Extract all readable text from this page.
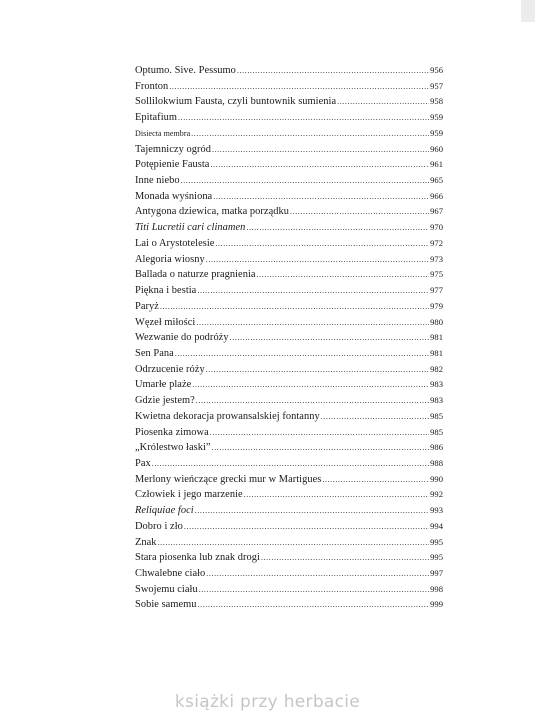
Optumo. Sive. Pessumo .....	956
Fronton .....	957
Sollilokwium Fausta, czyli buntownik sumienia .....	958
Epitafium .....	959
Disiecta membra .....	959
Tajemniczy ogród .....	960
Potępienie Fausta .....	961
Inne niebo .....	965
Monada wyśniona .....	966
Antygona dziewica, matka porządku .....	967
Titi Lucretii cari clinamen .....	970
Lai o Arystotelesie .....	972
Alegoria wiosny .....	973
Ballada o naturze pragnienia .....	975
Piękna i bestia .....	977
Paryż .....	979
Węzeł miłości .....	980
Wezwanie do podróży .....	981
Sen Pana .....	981
Odrzucenie róży .....	982
Umarłe plaże .....	983
Gdzie jestem? .....	983
Kwietna dekoracja prowansalskiej fontanny .....	985
Piosenka zimowa .....	985
„Królestwo łaski” .....	986
Pax .....	988
Merlony wieńczące grecki mur w Martigues .....	990
Człowiek i jego marzenie .....	992
Reliquiae foci .....	993
Dobro i zło .....	994
Znak .....	995
Stara piosenka lub znak drogi .....	995
Chwalebne ciało .....	997
Swojemu ciału .....	998
Sobie samemu .....	999
książki przy herbacie
